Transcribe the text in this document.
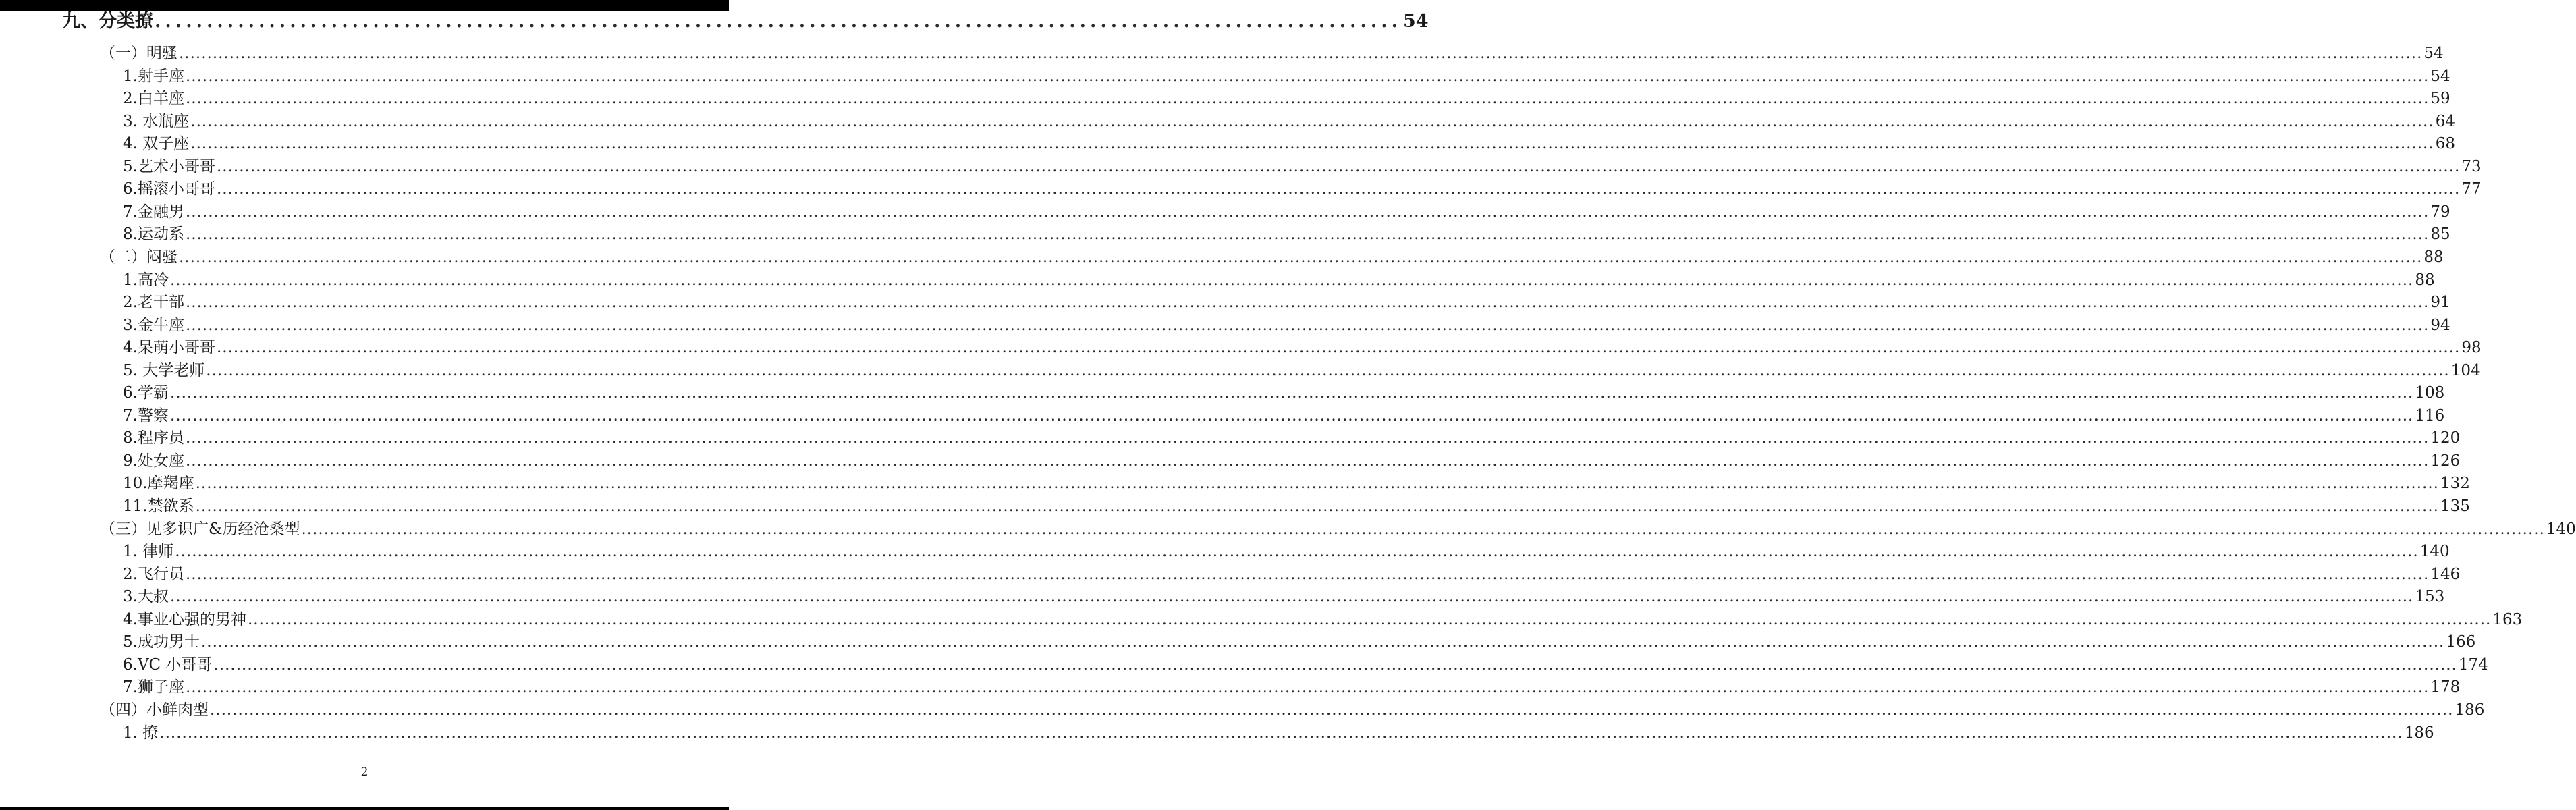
九、分类撩 ........................................................................................................................ 54
（一）明骚 ................................................................................................................................................................................................................................................................................................................................................................................................................ 54
1.射手座 ................................................................................................................................................................................................................................................................................................................................................................................................................ 54
2.白羊座 ................................................................................................................................................................................................................................................................................................................................................................................................................ 59
3. 水瓶座 ................................................................................................................................................................................................................................................................................................................................................................................................................ 64
4. 双子座 ................................................................................................................................................................................................................................................................................................................................................................................................................ 68
5.艺术小哥哥 ................................................................................................................................................................................................................................................................................................................................................................................................................ 73
6.摇滚小哥哥 ................................................................................................................................................................................................................................................................................................................................................................................................................ 77
7.金融男 ................................................................................................................................................................................................................................................................................................................................................................................................................ 79
8.运动系 ................................................................................................................................................................................................................................................................................................................................................................................................................ 85
（二）闷骚 ................................................................................................................................................................................................................................................................................................................................................................................................................ 88
1.高冷 ................................................................................................................................................................................................................................................................................................................................................................................................................ 88
2.老干部 ................................................................................................................................................................................................................................................................................................................................................................................................................ 91
3.金牛座 ................................................................................................................................................................................................................................................................................................................................................................................................................ 94
4.呆萌小哥哥 ................................................................................................................................................................................................................................................................................................................................................................................................................ 98
5. 大学老师 ................................................................................................................................................................................................................................................................................................................................................................................................................ 104
6.学霸 ................................................................................................................................................................................................................................................................................................................................................................................................................ 108
7.警察 ................................................................................................................................................................................................................................................................................................................................................................................................................ 116
8.程序员 ................................................................................................................................................................................................................................................................................................................................................................................................................ 120
9.处女座 ................................................................................................................................................................................................................................................................................................................................................................................................................ 126
10.摩羯座 ................................................................................................................................................................................................................................................................................................................................................................................................................ 132
11.禁欲系 ................................................................................................................................................................................................................................................................................................................................................................................................................ 135
（三）见多识广&历经沧桑型 ................................................................................................................................................................................................................................................................................................................................................................................................................ 140
1. 律师 ................................................................................................................................................................................................................................................................................................................................................................................................................ 140
2.飞行员 ................................................................................................................................................................................................................................................................................................................................................................................................................ 146
3.大叔 ................................................................................................................................................................................................................................................................................................................................................................................................................ 153
4.事业心强的男神 ................................................................................................................................................................................................................................................................................................................................................................................................................ 163
5.成功男士 ................................................................................................................................................................................................................................................................................................................................................................................................................ 166
6.VC 小哥哥 ................................................................................................................................................................................................................................................................................................................................................................................................................ 174
7.狮子座 ................................................................................................................................................................................................................................................................................................................................................................................................................ 178
（四）小鲜肉型 ................................................................................................................................................................................................................................................................................................................................................................................................................ 186
1. 撩 ................................................................................................................................................................................................................................................................................................................................................................................................................ 186
2
